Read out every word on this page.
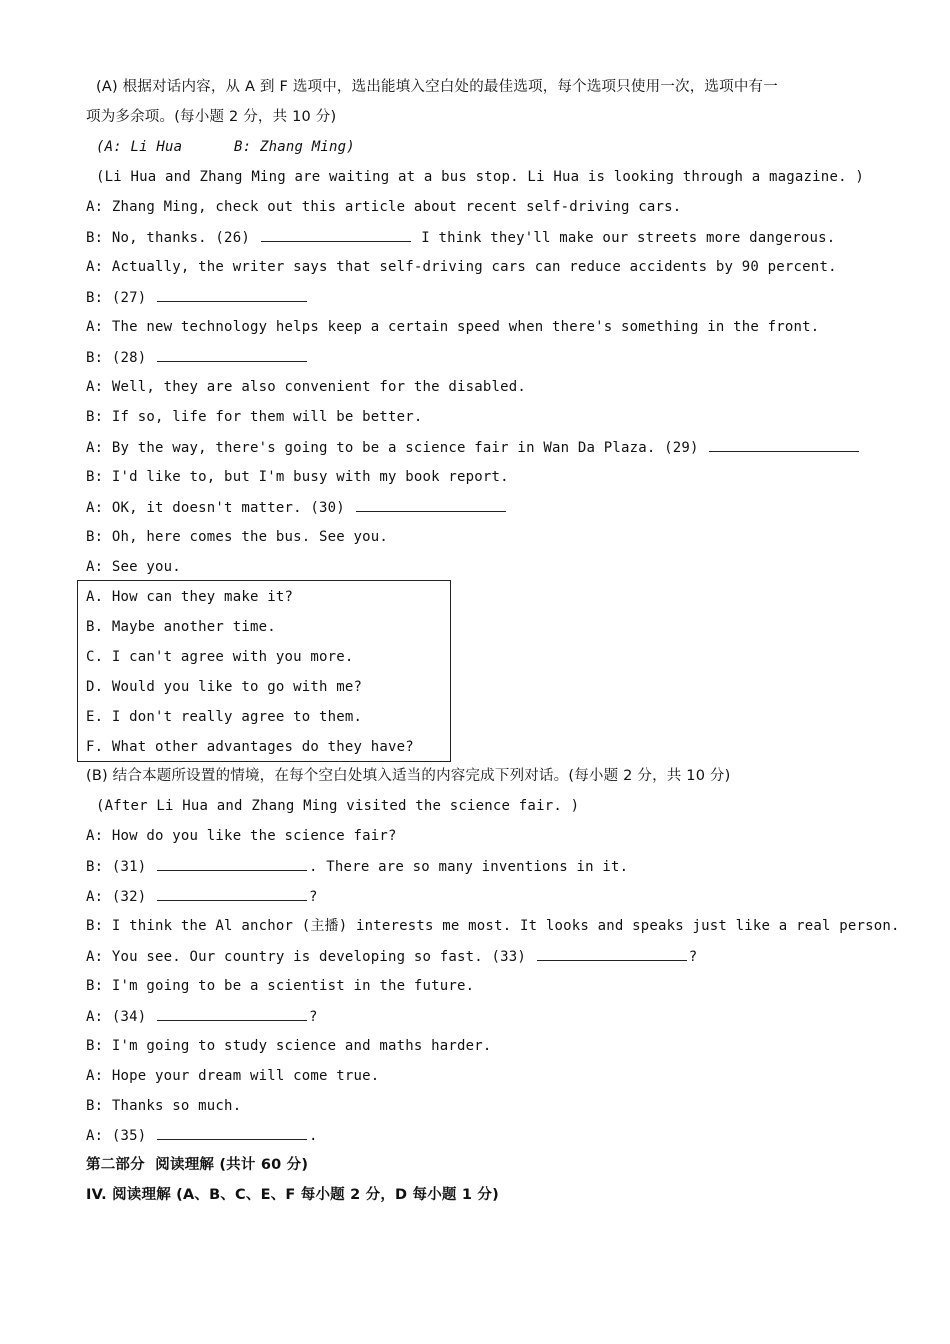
(A) 根据对话内容，从 A 到 F 选项中，选出能填入空白处的最佳选项，每个选项只使用一次，选项中有一
项为多余项。(每小题 2 分，共 10 分)
(A: Li Hua      B: Zhang Ming)
(Li Hua and Zhang Ming are waiting at a bus stop. Li Hua is looking through a magazine. )
A: Zhang Ming, check out this article about recent self-driving cars.
B: No, thanks. (26)	I think they'll make our streets more dangerous.
A: Actually, the writer says that self-driving cars can reduce accidents by 90 percent.
B: (27)
A: The new technology helps keep a certain speed when there's something in the front.
B: (28)
A: Well, they are also convenient for the disabled.
B: If so, life for them will be better.
A: By the way, there's going to be a science fair in Wan Da Plaza. (29)
B: I'd like to, but I'm busy with my book report.
A: OK, it doesn't matter. (30)
B: Oh, here comes the bus. See you.
A: See you.
A. How can they make it?
B. Maybe another time.
C. I can't agree with you more.
D. Would you like to go with me?
E. I don't really agree to them.
F. What other advantages do they have?
(B) 结合本题所设置的情境，在每个空白处填入适当的内容完成下列对话。(每小题 2 分，共 10 分)
(After Li Hua and Zhang Ming visited the science fair. )
A: How do you like the science fair?
B: (31)	. There are so many inventions in it.
A: (32)	?
B: I think the Al anchor (主播) interests me most. It looks and speaks just like a real person.
A: You see. Our country is developing so fast. (33)	?
B: I'm going to be a scientist in the future.
A: (34)	?
B: I'm going to study science and maths harder.
A: Hope your dream will come true.
B: Thanks so much.
A: (35)	.
第二部分  阅读理解 (共计 60 分)
IV. 阅读理解 (A、B、C、E、F 每小题 2 分，D 每小题 1 分)
